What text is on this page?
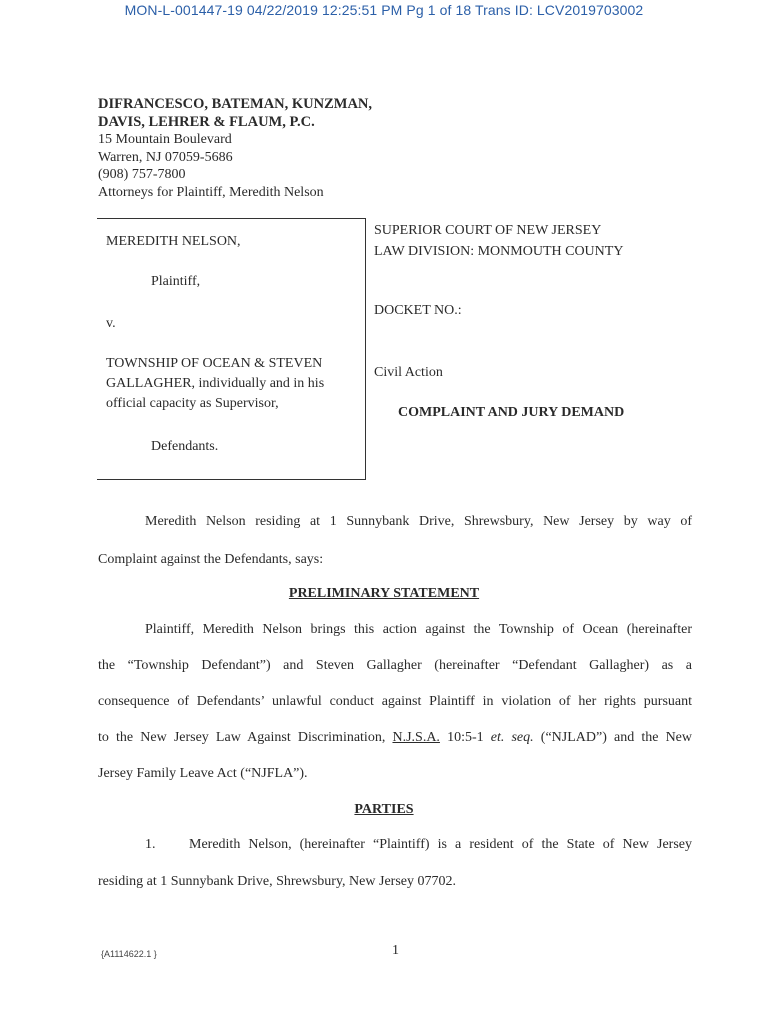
MON-L-001447-19 04/22/2019 12:25:51 PM Pg 1 of 18 Trans ID: LCV2019703002
DIFRANCESCO, BATEMAN, KUNZMAN,
DAVIS, LEHRER & FLAUM, P.C.
15 Mountain Boulevard
Warren, NJ 07059-5686
(908) 757-7800
Attorneys for Plaintiff, Meredith Nelson
MEREDITH NELSON,
Plaintiff,
v.
TOWNSHIP OF OCEAN & STEVEN
GALLAGHER, individually and in his
official capacity as Supervisor,
Defendants.
SUPERIOR COURT OF NEW JERSEY
LAW DIVISION: MONMOUTH COUNTY
DOCKET NO.:
Civil Action
COMPLAINT AND JURY DEMAND
Meredith Nelson residing at 1 Sunnybank Drive, Shrewsbury, New Jersey by way of
Complaint against the Defendants, says:
PRELIMINARY STATEMENT
Plaintiff, Meredith Nelson brings this action against the Township of Ocean (hereinafter
the “Township Defendant”) and Steven Gallagher (hereinafter “Defendant Gallagher) as a
consequence of Defendants’ unlawful conduct against Plaintiff in violation of her rights pursuant
to the New Jersey Law Against Discrimination, N.J.S.A. 10:5-1 et. seq. (“NJLAD”) and the New
Jersey Family Leave Act (“NJFLA”).
PARTIES
1. Meredith Nelson, (hereinafter “Plaintiff) is a resident of the State of New Jersey
residing at 1 Sunnybank Drive, Shrewsbury, New Jersey 07702.
{A1114622.1 }	1
